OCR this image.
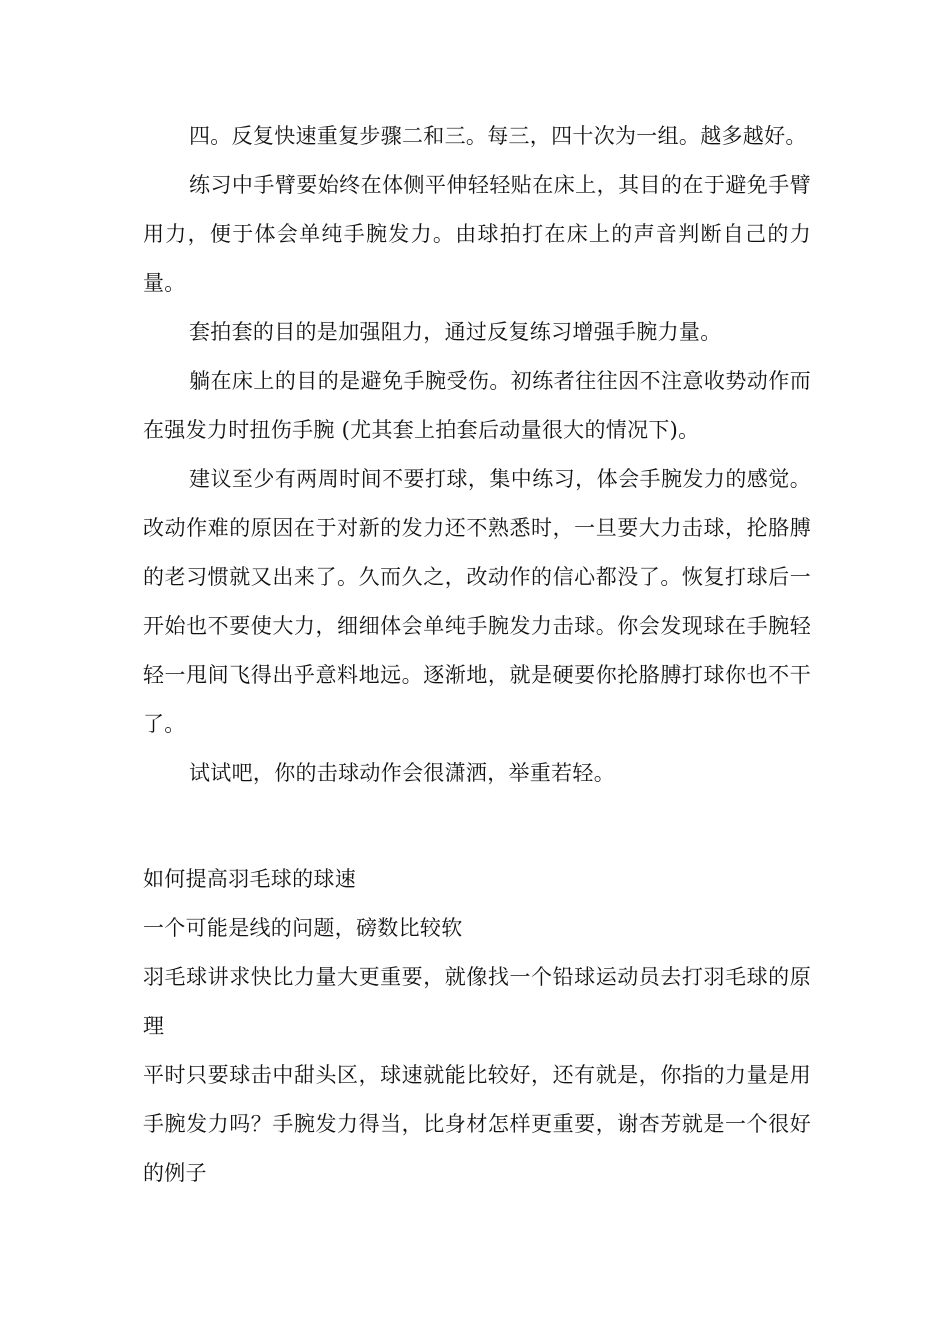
四。反复快速重复步骤二和三。每三，四十次为一组。越多越好。

练习中手臂要始终在体侧平伸轻轻贴在床上，其目的在于避免手臂用力，便于体会单纯手腕发力。由球拍打在床上的声音判断自己的力量。

套拍套的目的是加强阻力，通过反复练习增强手腕力量。

躺在床上的目的是避免手腕受伤。初练者往往因不注意收势动作而在强发力时扭伤手腕 (尤其套上拍套后动量很大的情况下)。

建议至少有两周时间不要打球，集中练习，体会手腕发力的感觉。改动作难的原因在于对新的发力还不熟悉时，一旦要大力击球，抡胳膊的老习惯就又出来了。久而久之，改动作的信心都没了。恢复打球后一开始也不要使大力，细细体会单纯手腕发力击球。你会发现球在手腕轻轻一甩间飞得出乎意料地远。逐渐地，就是硬要你抡胳膊打球你也不干了。

试试吧，你的击球动作会很潇洒，举重若轻。

如何提高羽毛球的球速

一个可能是线的问题，磅数比较软

羽毛球讲求快比力量大更重要，就像找一个铅球运动员去打羽毛球的原理

平时只要球击中甜头区，球速就能比较好，还有就是，你指的力量是用手腕发力吗？手腕发力得当，比身材怎样更重要，谢杏芳就是一个很好的例子
